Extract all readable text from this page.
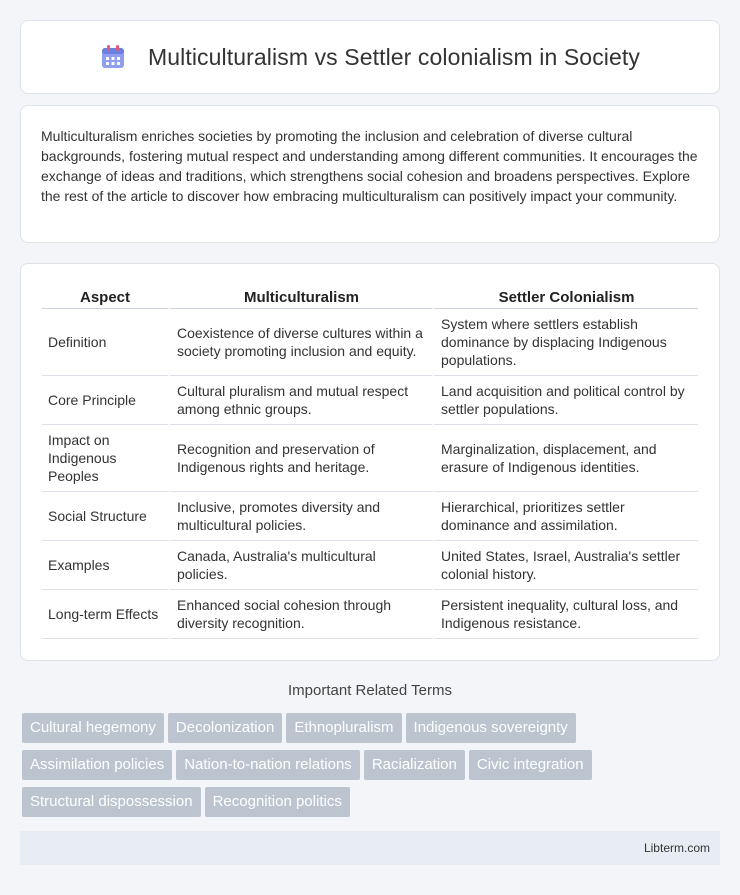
Multiculturalism vs Settler colonialism in Society

Multiculturalism enriches societies by promoting the inclusion and celebration of diverse cultural backgrounds, fostering mutual respect and understanding among different communities. It encourages the exchange of ideas and traditions, which strengthens social cohesion and broadens perspectives. Explore the rest of the article to discover how embracing multiculturalism can positively impact your community.

Aspect	Multiculturalism	Settler Colonialism
Definition	Coexistence of diverse cultures within a society promoting inclusion and equity.	System where settlers establish dominance by displacing Indigenous populations.
Core Principle	Cultural pluralism and mutual respect among ethnic groups.	Land acquisition and political control by settler populations.
Impact on Indigenous Peoples	Recognition and preservation of Indigenous rights and heritage.	Marginalization, displacement, and erasure of Indigenous identities.
Social Structure	Inclusive, promotes diversity and multicultural policies.	Hierarchical, prioritizes settler dominance and assimilation.
Examples	Canada, Australia's multicultural policies.	United States, Israel, Australia's settler colonial history.
Long-term Effects	Enhanced social cohesion through diversity recognition.	Persistent inequality, cultural loss, and Indigenous resistance.
Important Related Terms
Cultural hegemony Decolonization Ethnopluralism Indigenous sovereignty
Assimilation policies Nation-to-nation relations Racialization Civic integration
Structural dispossession Recognition politics
Libterm.com
